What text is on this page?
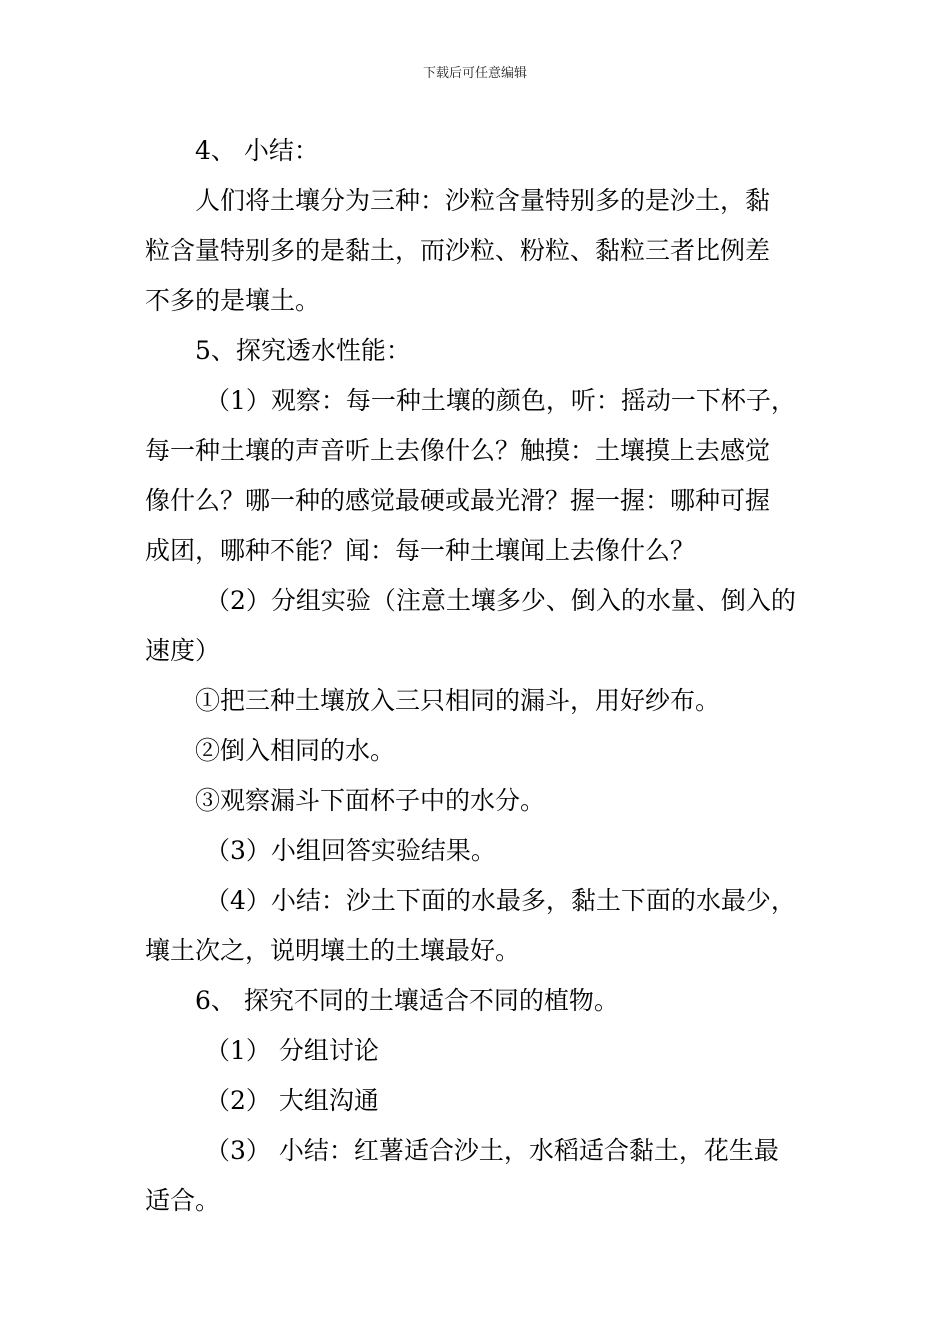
下载后可任意编辑
4、 小结：
人们将土壤分为三种：沙粒含量特别多的是沙土，黏
粒含量特别多的是黏土，而沙粒、粉粒、黏粒三者比例差
不多的是壤土。
5、探究透水性能：
（1）观察：每一种土壤的颜色，听：摇动一下杯子，
每一种土壤的声音听上去像什么？触摸：土壤摸上去感觉
像什么？哪一种的感觉最硬或最光滑？握一握：哪种可握
成团，哪种不能？闻：每一种土壤闻上去像什么？
（2）分组实验（注意土壤多少、倒入的水量、倒入的
速度）
①把三种土壤放入三只相同的漏斗，用好纱布。
②倒入相同的水。
③观察漏斗下面杯子中的水分。
（3）小组回答实验结果。
（4）小结：沙土下面的水最多，黏土下面的水最少，
壤土次之，说明壤土的土壤最好。
6、 探究不同的土壤适合不同的植物。
（1） 分组讨论
（2） 大组沟通
（3） 小结：红薯适合沙土，水稻适合黏土，花生最
适合。
